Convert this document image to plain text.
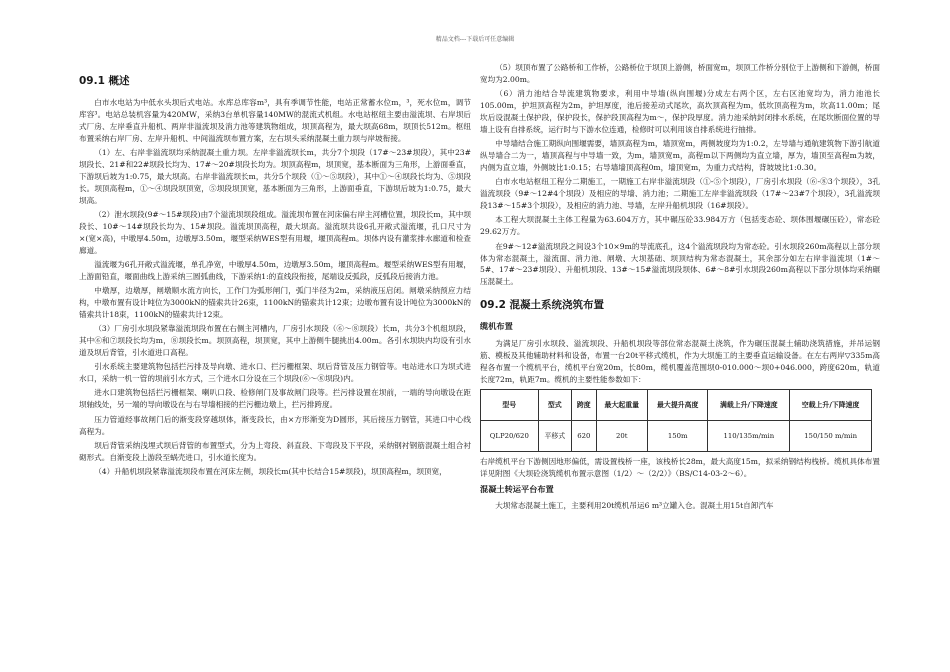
精品文档---下载后可任意编辑
09.1 概述

白市水电站为中低水头坝后式电站。水库总库容m³，具有季调节性能，电站正常蓄水位m，³，死水位m，调节库容³。电站总装机容量为420MW，采纳3台单机容量140MW的混流式机组。水电站枢纽主要由溢流坝、右岸坝后式厂房、左岸垂直升船机、两岸非溢流坝及消力池等建筑物组成，坝顶高程为，最大坝高68m，坝顶长512m。枢纽布置采纳右岸厂房、左岸升船机、中间溢流坝布置方案，左右坝头采纳混凝土重力坝与岸坡衔接。

（1）左、右岸非溢流坝均采纳混凝土重力坝。左岸非溢流坝长m，共分7个坝段（17#～23#坝段），其中23#坝段长、21#和22#坝段长均为、17#～20#坝段长均为。坝顶高程m，坝顶宽，基本断面为三角形，上游面垂直，下游坝后坡为1:0.75，最大坝高。右岸非溢流坝长m，共分5个坝段（①～⑤坝段），其中①～④坝段长均为、⑤坝段长。坝顶高程m，①～④坝段坝顶宽，⑤坝段坝顶宽，基本断面为三角形，上游面垂直，下游坝后坡为1:0.75，最大坝高。

（2）泄水坝段(9#～15#坝段)由7个溢流坝坝段组成。溢流坝布置在河床偏右岸主河槽位置，坝段长m，其中坝段长、10#～14#坝段长均为、15#坝段。溢流坝顶高程，最大坝高。溢流坝共设6孔开敞式溢流堰，孔口尺寸为×(宽×高)，中墩厚4.50m，边墩厚3.50m，堰型采纳WES型有用堰，堰顶高程m。坝体内设有灌浆排水廊道和检查廊道。

溢流堰为6孔开敞式溢流堰，单孔净宽，中墩厚4.50m，边墩厚3.50m，堰顶高程m。堰型采纳WES型有用堰，上游面铅直，堰面曲线上游采纳三圆弧曲线，下游采纳1:的直线段衔接，尾端设反弧段，反弧段后接消力池。

中墩厚，边墩厚，闸墩顺水流方向长，工作门为弧形闸门，弧门半径为2m，采纳液压启闭。闸墩采纳预应力结构，中墩布置有设计吨位为3000kN的锚索共计26束，1100kN的锚索共计12束；边墩布置有设计吨位为3000kN的锚索共计18束，1100kN的锚索共计12束。

（3）厂房引水坝段紧靠溢流坝段布置在右侧主河槽内，厂房引水坝段（⑥～⑧坝段）长m，共分3个机组坝段，其中⑥和⑦坝段长均为m，⑧坝段长m。坝顶高程，坝顶宽，其中上游侧牛腿挑出4.00m。各引水坝块内均设有引水道及坝后背管，引水道进口高程。

引水系统主要建筑物包括拦污排及导向墩、进水口、拦污栅框架、坝后背管及压力钢管等。电站进水口为坝式进水口，采纳一机一管的坝前引水方式，三个进水口分设在三个坝段(⑥～⑧坝段)内。

进水口建筑物包括拦污栅框架、喇叭口段、检修闸门及事故闸门段等。拦污排设置在坝前，一端的导向墩设在距坝轴线处，另一端的导向墩设在与右导墙相接的拦污栅边墩上，拦污排跨度。

压力管道经事故闸门后的渐变段穿越坝体，渐变段长，由×方形渐变为D圆形，其后接压力钢管，其进口中心线高程为。

坝后背管采纳浅埋式坝后背管的布置型式，分为上弯段、斜直段、下弯段及下平段，采纳钢衬钢筋混凝土组合衬砌形式。自渐变段上游段至蜗壳进口，引水道长度为。

（4）升船机坝段紧靠溢流坝段布置在河床左侧，坝段长m(其中长结合15#坝段)，坝顶高程m，坝顶宽，

（5）坝顶布置了公路桥和工作桥，公路桥位于坝顶上游侧，桥面宽m，坝顶工作桥分别位于上游侧和下游侧，桥面宽均为2.00m。

（6）消力池结合导流建筑物要求，利用中导墙(纵向围堰)分成左右两个区，左右区池宽均为，消力池池长105.00m，护坦顶高程为2m，护坦厚度，池后接差动式尾坎，高坎顶高程为m，低坎顶高程为m，坎高11.00m；尾坎后设混凝土保护段，保护段长，保护段顶高程为m～，保护段厚度。消力池采纳封闭排水系统，在尾坎断面位置的导墙上设有自排系统，运行时与下游水位连通，检修时可以利用该自排系统进行抽排。

中导墙结合施工期纵向围堰需要，墙顶高程为m，墙顶宽m，两侧坡度均为1:0.2，左导墙与通航建筑物下游引航道纵导墙合二为一，墙顶高程与中导墙一致，为m，墙顶宽m，高程m以下两侧均为直立墙，厚为，墙顶至高程m为坡，内侧为直立墙，外侧坡比1:0.15；右导墙墙顶高程0m，墙顶宽m，为重力式结构，背坡坡比1:0.30。

白市水电站枢纽工程分二期施工，一期施工右岸非溢流坝段（①-⑤个坝段），厂房引水坝段（⑥-⑧3个坝段），3孔溢流坝段（9#～12#4个坝段）及相应的导墙、消力池；二期施工左岸非溢流坝段（17#～23#7个坝段），3孔溢流坝段13#～15#3个坝段），及相应的消力池、导墙，左岸升船机坝段（16#坝段）。

本工程大坝混凝土主体工程量为63.604万方，其中碾压砼33.984万方（包括变态砼、坝体围堰碾压砼），常态砼29.62万方。

在9#～12#溢流坝段之间设3个10×9m的导流底孔，这4个溢流坝段均为常态砼。引水坝段260m高程以上部分坝体为常态混凝土，溢流面、消力池、闸墩、大坝基础、坝顶结构为常态混凝土，其余部分如左右岸非溢流坝（1#～5#、17#～23#坝段）、升船机坝段、13#～15#溢流坝段坝体、6#～8#引水坝段260m高程以下部分坝体均采纳碾压混凝土。

09.2 混凝土系统浇筑布置
缆机布置

为满足厂房引水坝段、溢流坝段、升船机坝段等部位常态混凝土浇筑，作为碾压混凝土辅助浇筑措施，并吊运钢筋、模板及其他辅助材料和设备，布置一台20t平移式缆机，作为大坝施工的主要垂直运输设备。在左右两岸▽335m高程各布置一个缆机平台，缆机平台宽20m，长80m，缆机覆盖范围坝0-010.000～坝0+046.000，跨度620m，轨道长度72m，轨距7m。缆机的主要性能参数如下：

型号	型式	跨度	最大起重量	最大提升高度	满载上升/下降速度	空载上升/下降速度
QLP20/620	平移式	620	20t	150m	110/135m/min	150/150 m/min

右岸缆机平台下游侧因地形偏低，需设置栈桥一座，该栈桥长28m，最大高度15m，拟采纳钢结构栈桥。缆机具体布置详见附图《大坝砼浇筑缆机布置示意图（1/2）～（2/2）》（BS/C14-03-2～6）。

混凝土转运平台布置

大坝常态混凝土施工，主要利用20t缆机吊运6 m³立罐入仓。混凝土用15t自卸汽车
